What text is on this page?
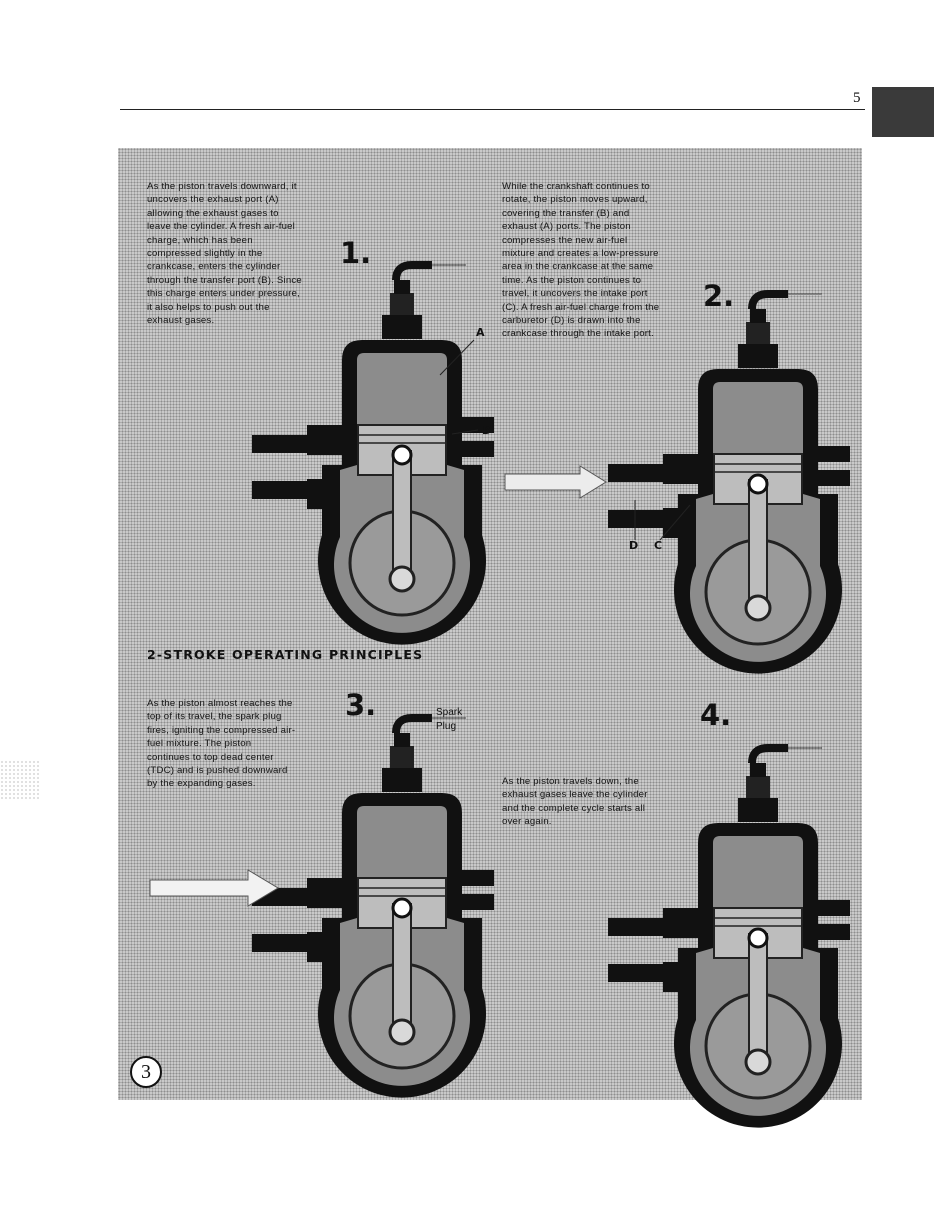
5
1.
2.
3.	4.
As the piston travels downward, it uncovers the exhaust port (A) allowing the exhaust gases to leave the cylinder. A fresh air-fuel charge, which has been compressed slightly in the crankcase, enters the cylinder through the transfer port (B). Since this charge enters under pressure, it also helps to push out the exhaust gases.
While the crankshaft continues to rotate, the piston moves upward, covering the transfer (B) and exhaust (A) ports. The piston compresses the new air-fuel mixture and creates a low-pressure area in the crankcase at the same time. As the piston continues to travel, it uncovers the intake port (C). A fresh air-fuel charge from the carburetor (D) is drawn into the crankcase through the intake port.
As the piston almost reaches the top of its travel, the spark plug fires, igniting the compressed air-fuel mixture. The piston continues to top dead center (TDC) and is pushed downward by the expanding gases.	As the piston travels down, the exhaust gases leave the cylinder and the complete cycle starts all over again.
A
B
D C
Spark Plug
2-STROKE OPERATING PRINCIPLES
3
